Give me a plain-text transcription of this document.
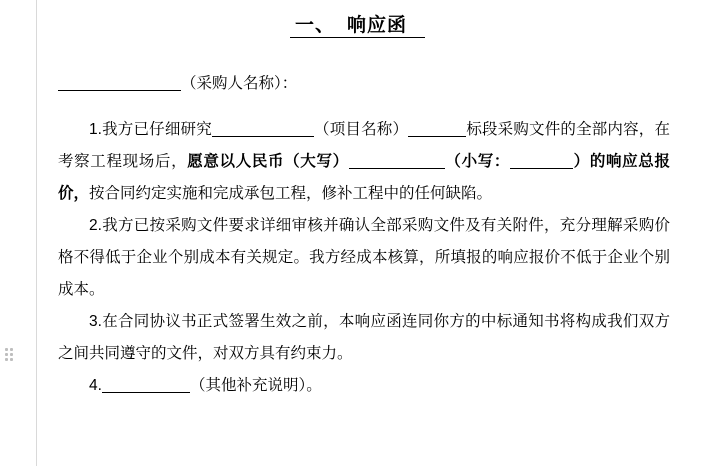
一、 响应函

（采购人名称）：

1.我方已仔细研究	（项目名称）	标段采购文件的全部内容，在考察工程现场后，愿意以人民币（大写）	（小写：	）的响应总报价，按合同约定实施和完成承包工程，修补工程中的任何缺陷。

2.我方已按采购文件要求详细审核并确认全部采购文件及有关附件，充分理解采购价格不得低于企业个别成本有关规定。我方经成本核算，所填报的响应报价不低于企业个别成本。

3.在合同协议书正式签署生效之前，本响应函连同你方的中标通知书将构成我们双方之间共同遵守的文件，对双方具有约束力。

4.	（其他补充说明）。
